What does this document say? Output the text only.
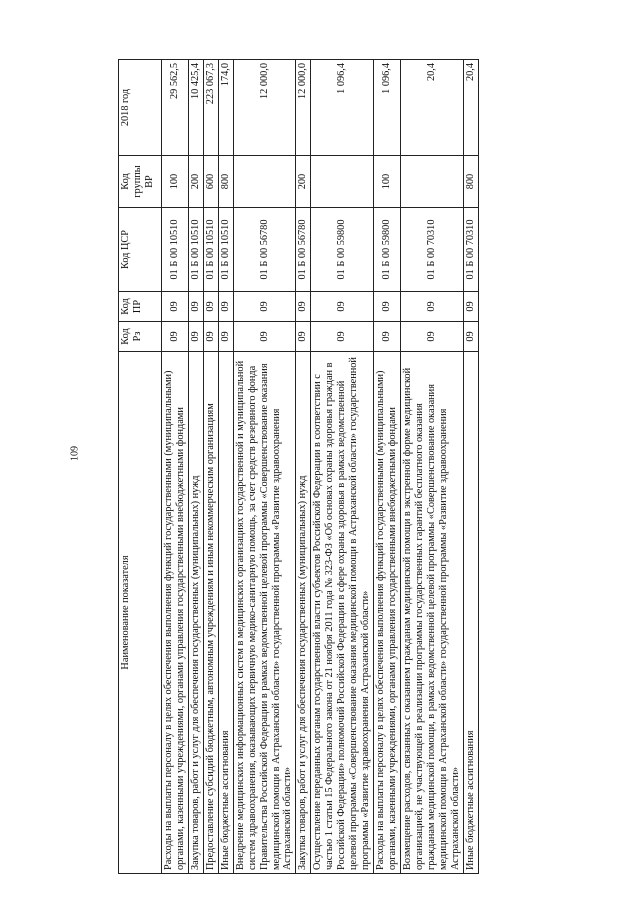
109
Наименование показателя	Код Рз	Код ПР	Код ЦСР	Код группы ВР	2018 год
Расходы на выплаты персоналу в целях обеспечения выполнения функций государственными (муниципальными) органами, казенными учреждениями, органами управления государственными внебюджетными фондами	09	09	01 Б 00 10510	100	29 562,5
Закупка товаров, работ и услуг для обеспечения государственных (муниципальных) нужд	09	09	01 Б 00 10510	200	10 425,4
Предоставление субсидий бюджетным, автономным учреждениям и иным некоммерческим организациям	09	09	01 Б 00 10510	600	223 067,3
Иные бюджетные ассигнования	09	09	01 Б 00 10510	800	174,0
Внедрение медицинских информационных систем в медицинских организациях государственной и муниципальной систем здравоохранения, оказывающих первичную медико-санитарную помощь, за счет средств резервного фонда Правительства Российской Федерации в рамках ведомственной целевой программы «Совершенствование оказания медицинской помощи в Астраханской области» государственной программы «Развитие здравоохранения Астраханской области»	09	09	01 Б 00 56780		12 000,0
Закупка товаров, работ и услуг для обеспечения государственных (муниципальных) нужд	09	09	01 Б 00 56780	200	12 000,0
Осуществление переданных органам государственной власти субъектов Российской Федерации в соответствии с частью 1 статьи 15 Федерального закона от 21 ноября 2011 года № 323-ФЗ «Об основах охраны здоровья граждан в Российской Федерации» полномочий Российской Федерации в сфере охраны здоровья в рамках ведомственной целевой программы «Совершенствование оказания медицинской помощи в Астраханской области» государственной программы «Развитие здравоохранения Астраханской области»	09	09	01 Б 00 59800		1 096,4
Расходы на выплаты персоналу в целях обеспечения выполнения функций государственными (муниципальными) органами, казенными учреждениями, органами управления государственными внебюджетными фондами	09	09	01 Б 00 59800	100	1 096,4
Возмещение расходов, связанных с оказанием гражданам медицинской помощи в экстренной форме медицинской организацией, не участвующей в реализации программы государственных гарантий бесплатного оказания гражданам медицинской помощи, в рамках ведомственной целевой программы «Совершенствование оказания медицинской помощи в Астраханской области» государственной программы «Развитие здравоохранения Астраханской области»	09	09	01 Б 00 70310		20,4
Иные бюджетные ассигнования	09	09	01 Б 00 70310	800	20,4
